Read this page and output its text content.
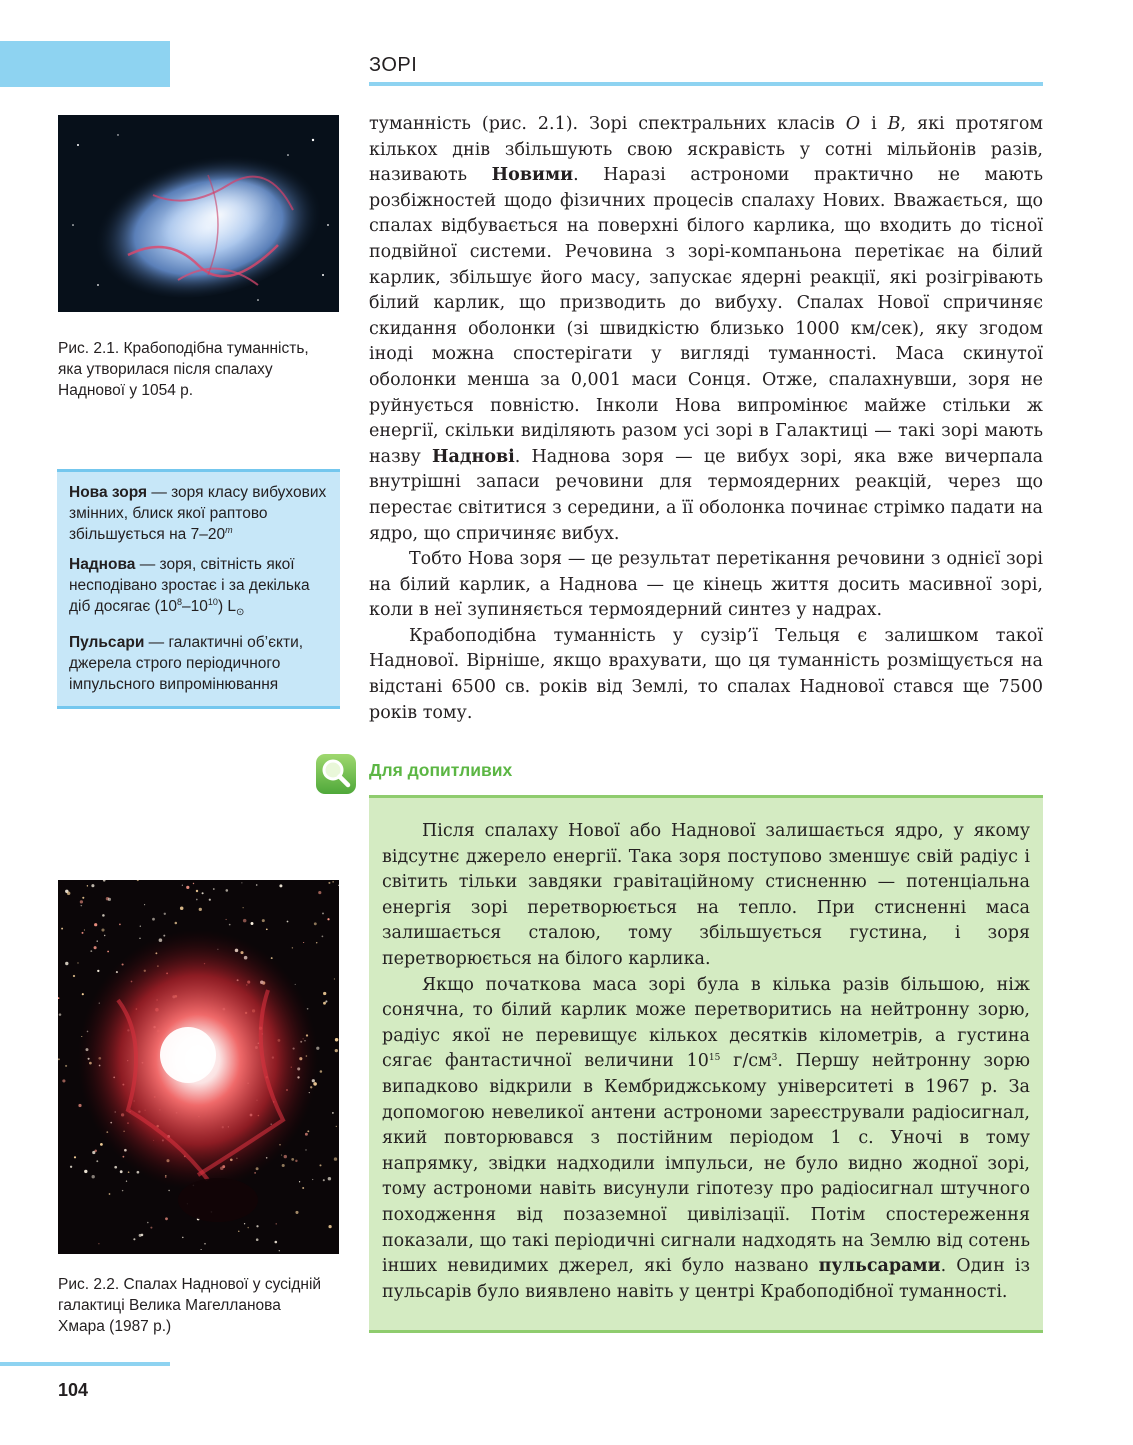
ЗОРІ
Рис. 2.1. Крабоподібна туманність, яка утворилася після спалаху Наднової у 1054 р.

Нова зоря — зоря класу вибухових змінних, блиск якої раптово збільшується на 7–20$^m$

Наднова — зоря, світність якої несподівано зростає і за декілька діб досягає $(10^8-10^{10})$ $L_⊙$

Пульсари — галактичні об’єкти, джерела строго періодичного імпульсного випромінювання

туманність (рис. 2.1). Зорі спектральних класів O і B, які протягом кількох днів збільшують свою яскравість у сотні мільйонів разів, називають Новими. Наразі астрономи практично не мають розбіжностей щодо фізичних процесів спалаху Нових. Вважається, що спалах відбувається на поверхні білого карлика, що входить до тісної подвійної системи. Речовина з зорі-компаньона перетікає на білий карлик, збільшує його масу, запускає ядерні реакції, які розігрівають білий карлик, що призводить до вибуху. Спалах Нової спричиняє скидання оболонки (зі швидкістю близько 1000 км/сек), яку згодом іноді можна спостерігати у вигляді туманності. Маса скинутої оболонки менша за 0,001 маси Сонця. Отже, спалахнувши, зоря не руйнується повністю. Інколи Нова випромінює майже стільки ж енергії, скільки виділяють разом усі зорі в Галактиці — такі зорі мають назву Наднові. Наднова зоря — це вибух зорі, яка вже вичерпала внутрішні запаси речовини для термоядерних реакцій, через що перестає світитися з середини, а її оболонка починає стрімко падати на ядро, що спричиняє вибух.

Тобто Нова зоря — це результат перетікання речовини з однієї зорі на білий карлик, а Наднова — це кінець життя досить масивної зорі, коли в неї зупиняється термоядерний синтез у надрах.

Крабоподібна туманність у сузір’ї Тельця є залишком такої Наднової. Вірніше, якщо врахувати, що ця туманність розміщується на відстані 6500 св. років від Землі, то спалах Наднової стався ще 7500 років тому.

Для допитливих

Після спалаху Нової або Наднової залишається ядро, у якому відсутнє джерело енергії. Така зоря поступово зменшує свій радіус і світить тільки завдяки гравітаційному стисненню — потенціальна енергія зорі перетворюється на тепло. При стисненні маса залишається сталою, тому збільшується густина, і зоря перетворюється на білого карлика.

Якщо початкова маса зорі була в кілька разів більшою, ніж сонячна, то білий карлик може перетворитись на нейтронну зорю, радіус якої не перевищує кількох десятків кілометрів, а густина сягає фантастичної величини $10^{15}$ $г/см^3$. Першу нейтронну зорю випадково відкрили в Кембриджському університеті в 1967 р. За допомогою невеликої антени астрономи зареєстрували радіосигнал, який повторювався з постійним періодом 1 с. Уночі в тому напрямку, звідки надходили імпульси, не було видно жодної зорі, тому астрономи навіть висунули гіпотезу про радіосигнал штучного походження від позаземної цивілізації. Потім спостереження показали, що такі періодичні сигнали надходять на Землю від сотень інших невидимих джерел, які було названо пульсарами. Один із пульсарів було виявлено навіть у центрі Крабоподібної туманності.

Рис. 2.2. Спалах Наднової у сусідній галактиці Велика Магелланова Хмара (1987 р.)
104
